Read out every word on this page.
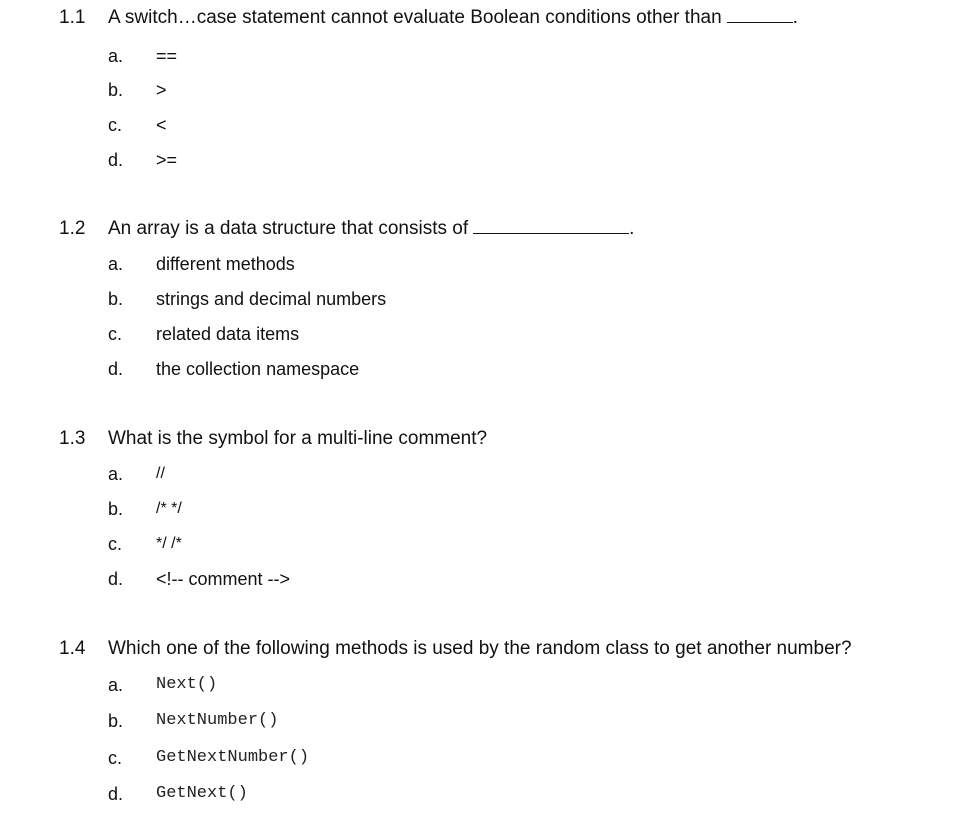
1.1 A switch…case statement cannot evaluate Boolean conditions other than	.
a. ==
b. >
c. <
d. >=
1.2 An array is a data structure that consists of	.
a. different methods
b. strings and decimal numbers
c. related data items
d. the collection namespace
1.3 What is the symbol for a multi-line comment?
a. //
b. /* */
c. */ /*
d. <!-- comment -->
1.4 Which one of the following methods is used by the random class to get another number?
a. Next()
b. NextNumber()
c. GetNextNumber()
d. GetNext()
